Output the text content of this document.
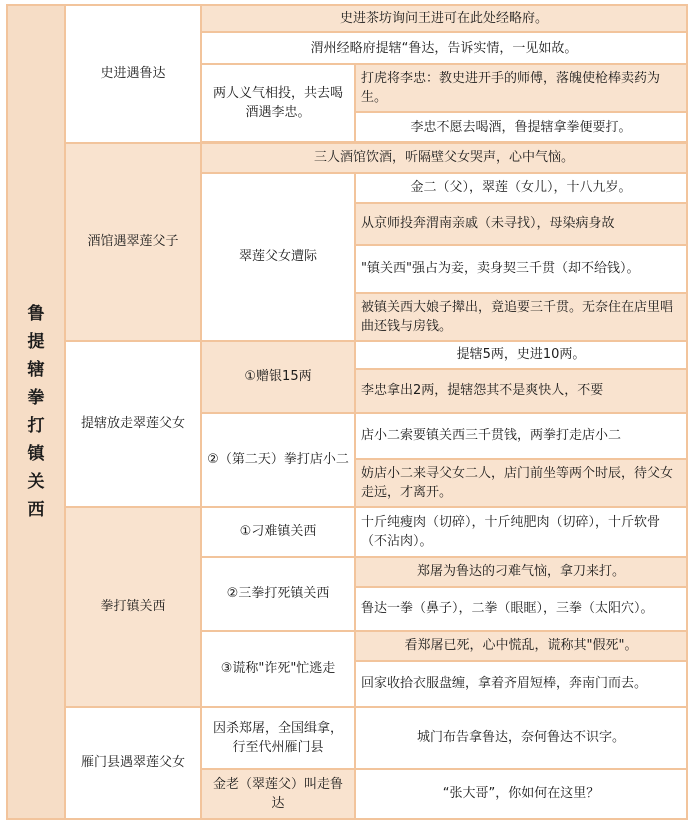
鲁提辖拳打镇关西	史进遇鲁达	史进茶坊询问王进可在此处经略府。	
		渭州经略府提辖“鲁达，告诉实情，一见如故。	
		两人义气相投，共去喝酒遇李忠。	打虎将李忠：教史进开手的师傅，落魄使枪棒卖药为生。
			李忠不愿去喝酒，鲁提辖拿拳便要打。

	酒馆遇翠莲父子	三人酒馆饮酒，听隔壁父女哭声，心中气恼。	
		翠莲父女遭际	金二（父），翠莲（女儿），十八九岁。
			从京师投奔渭南亲戚（未寻找），母染病身故
			"镇关西"强占为妾，卖身契三千贯（却不给钱）。
			被镇关西大娘子撵出，竟追要三千贯。无奈住在店里唱曲还钱与房钱。
	提辖放走翠莲父女	①赠银15两	提辖5两，史进10两。
			李忠拿出2两，提辖怨其不是爽快人，不要
		②（第二天）拳打店小二	店小二索要镇关西三千贯钱，两拳打走店小二
			妨店小二来寻父女二人，店门前坐等两个时辰，待父女走远，才离开。
	拳打镇关西	①刁难镇关西	十斤纯瘦肉（切碎），十斤纯肥肉（切碎），十斤软骨（不沾肉）。
		②三拳打死镇关西	郑屠为鲁达的刁难气恼，拿刀来打。
			鲁达一拳（鼻子），二拳（眼眶），三拳（太阳穴）。
		③谎称"诈死"忙逃走	看郑屠已死，心中慌乱，谎称其"假死"。
			回家收拾衣服盘缠，拿着齐眉短棒，奔南门而去。
	雁门县遇翠莲父女	因杀郑屠，全国缉拿，行至代州雁门县	城门布告拿鲁达，奈何鲁达不识字。
		金老（翠莲父）叫走鲁达	“张大哥”，你如何在这里？
